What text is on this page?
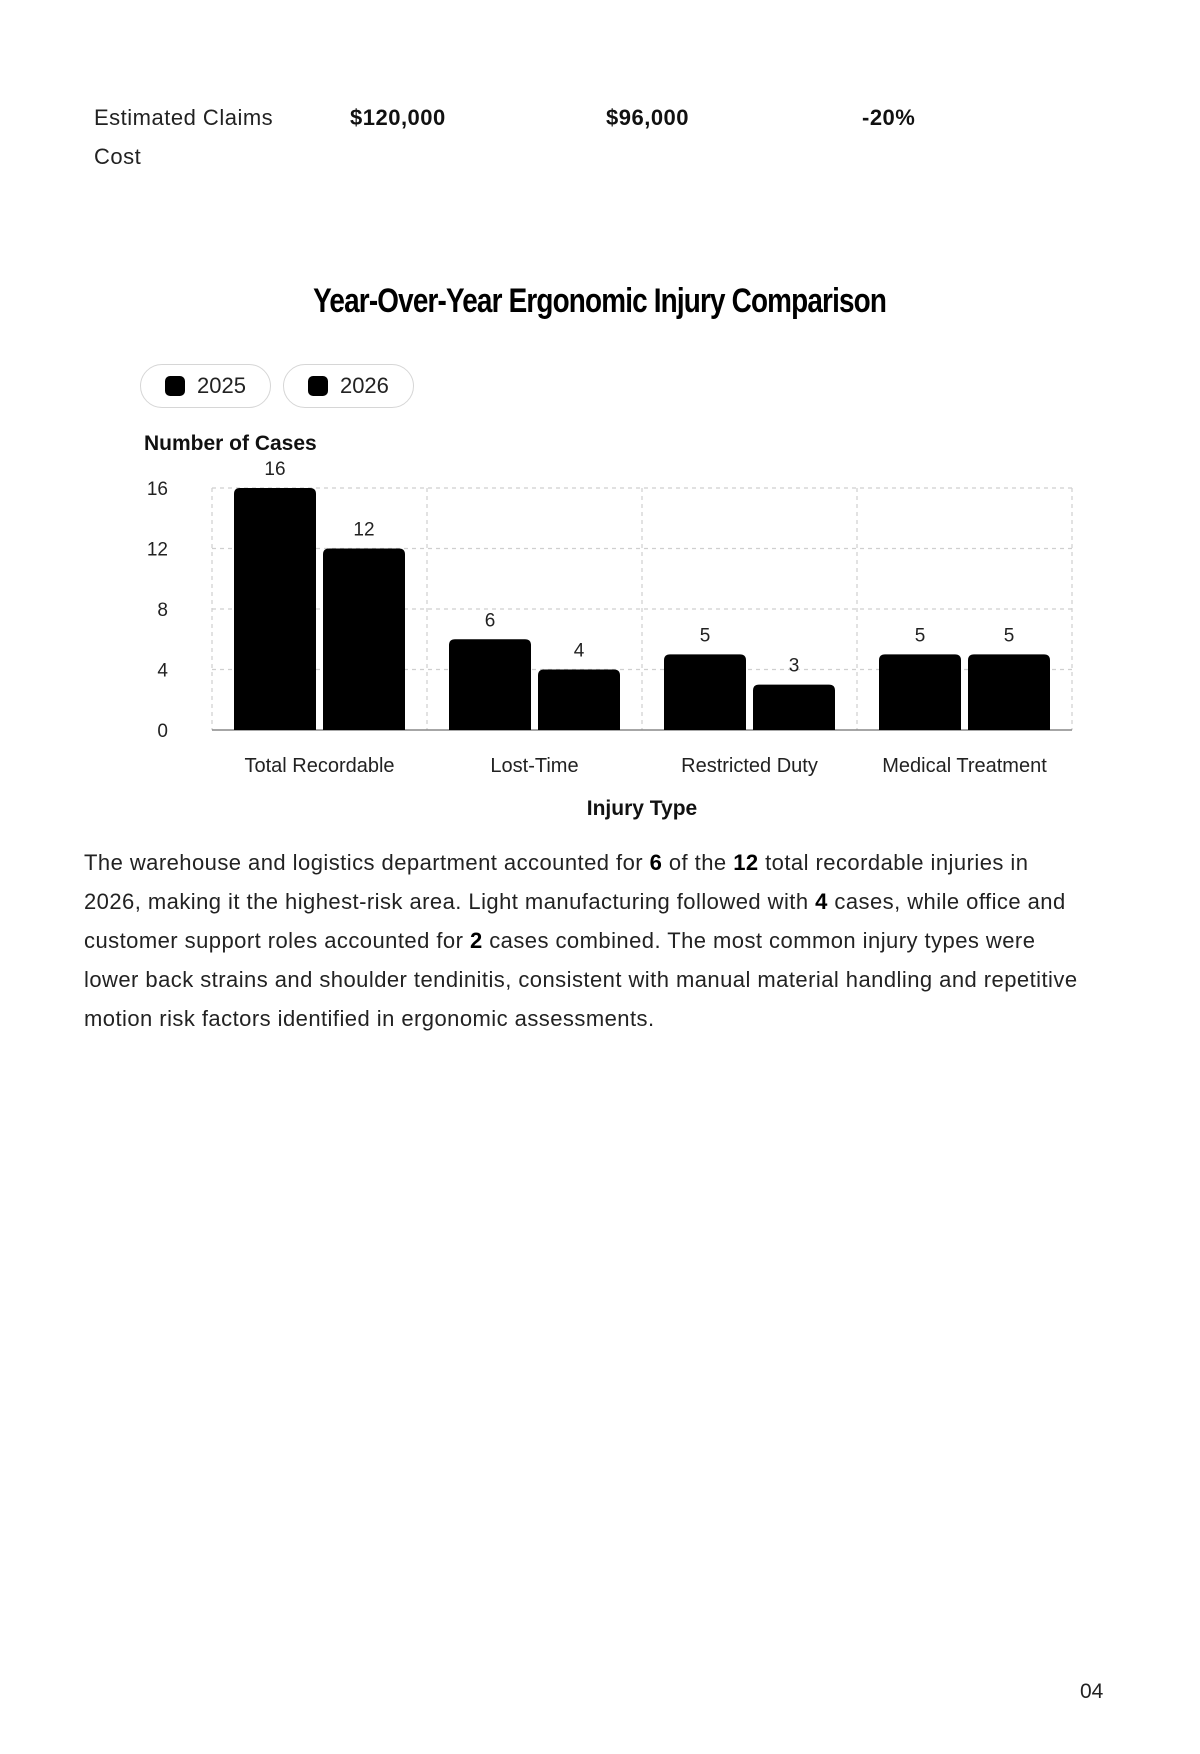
Estimated Claims Cost
$120,000	$96,000	-20%
Year-Over-Year Ergonomic Injury Comparison
2025	2026
0
4
8
12
16
16
12
Total Recordable
6
4
Lost-Time
5
3
Restricted Duty
5	5
Medical Treatment
Number of Cases
Injury Type

The warehouse and logistics department accounted for 6 of the 12 total recordable injuries in 2026, making it the highest-risk area. Light manufacturing followed with 4 cases, while office and customer support roles accounted for 2 cases combined. The most common injury types were lower back strains and shoulder tendinitis, consistent with manual material handling and repetitive motion risk factors identified in ergonomic assessments.

04
